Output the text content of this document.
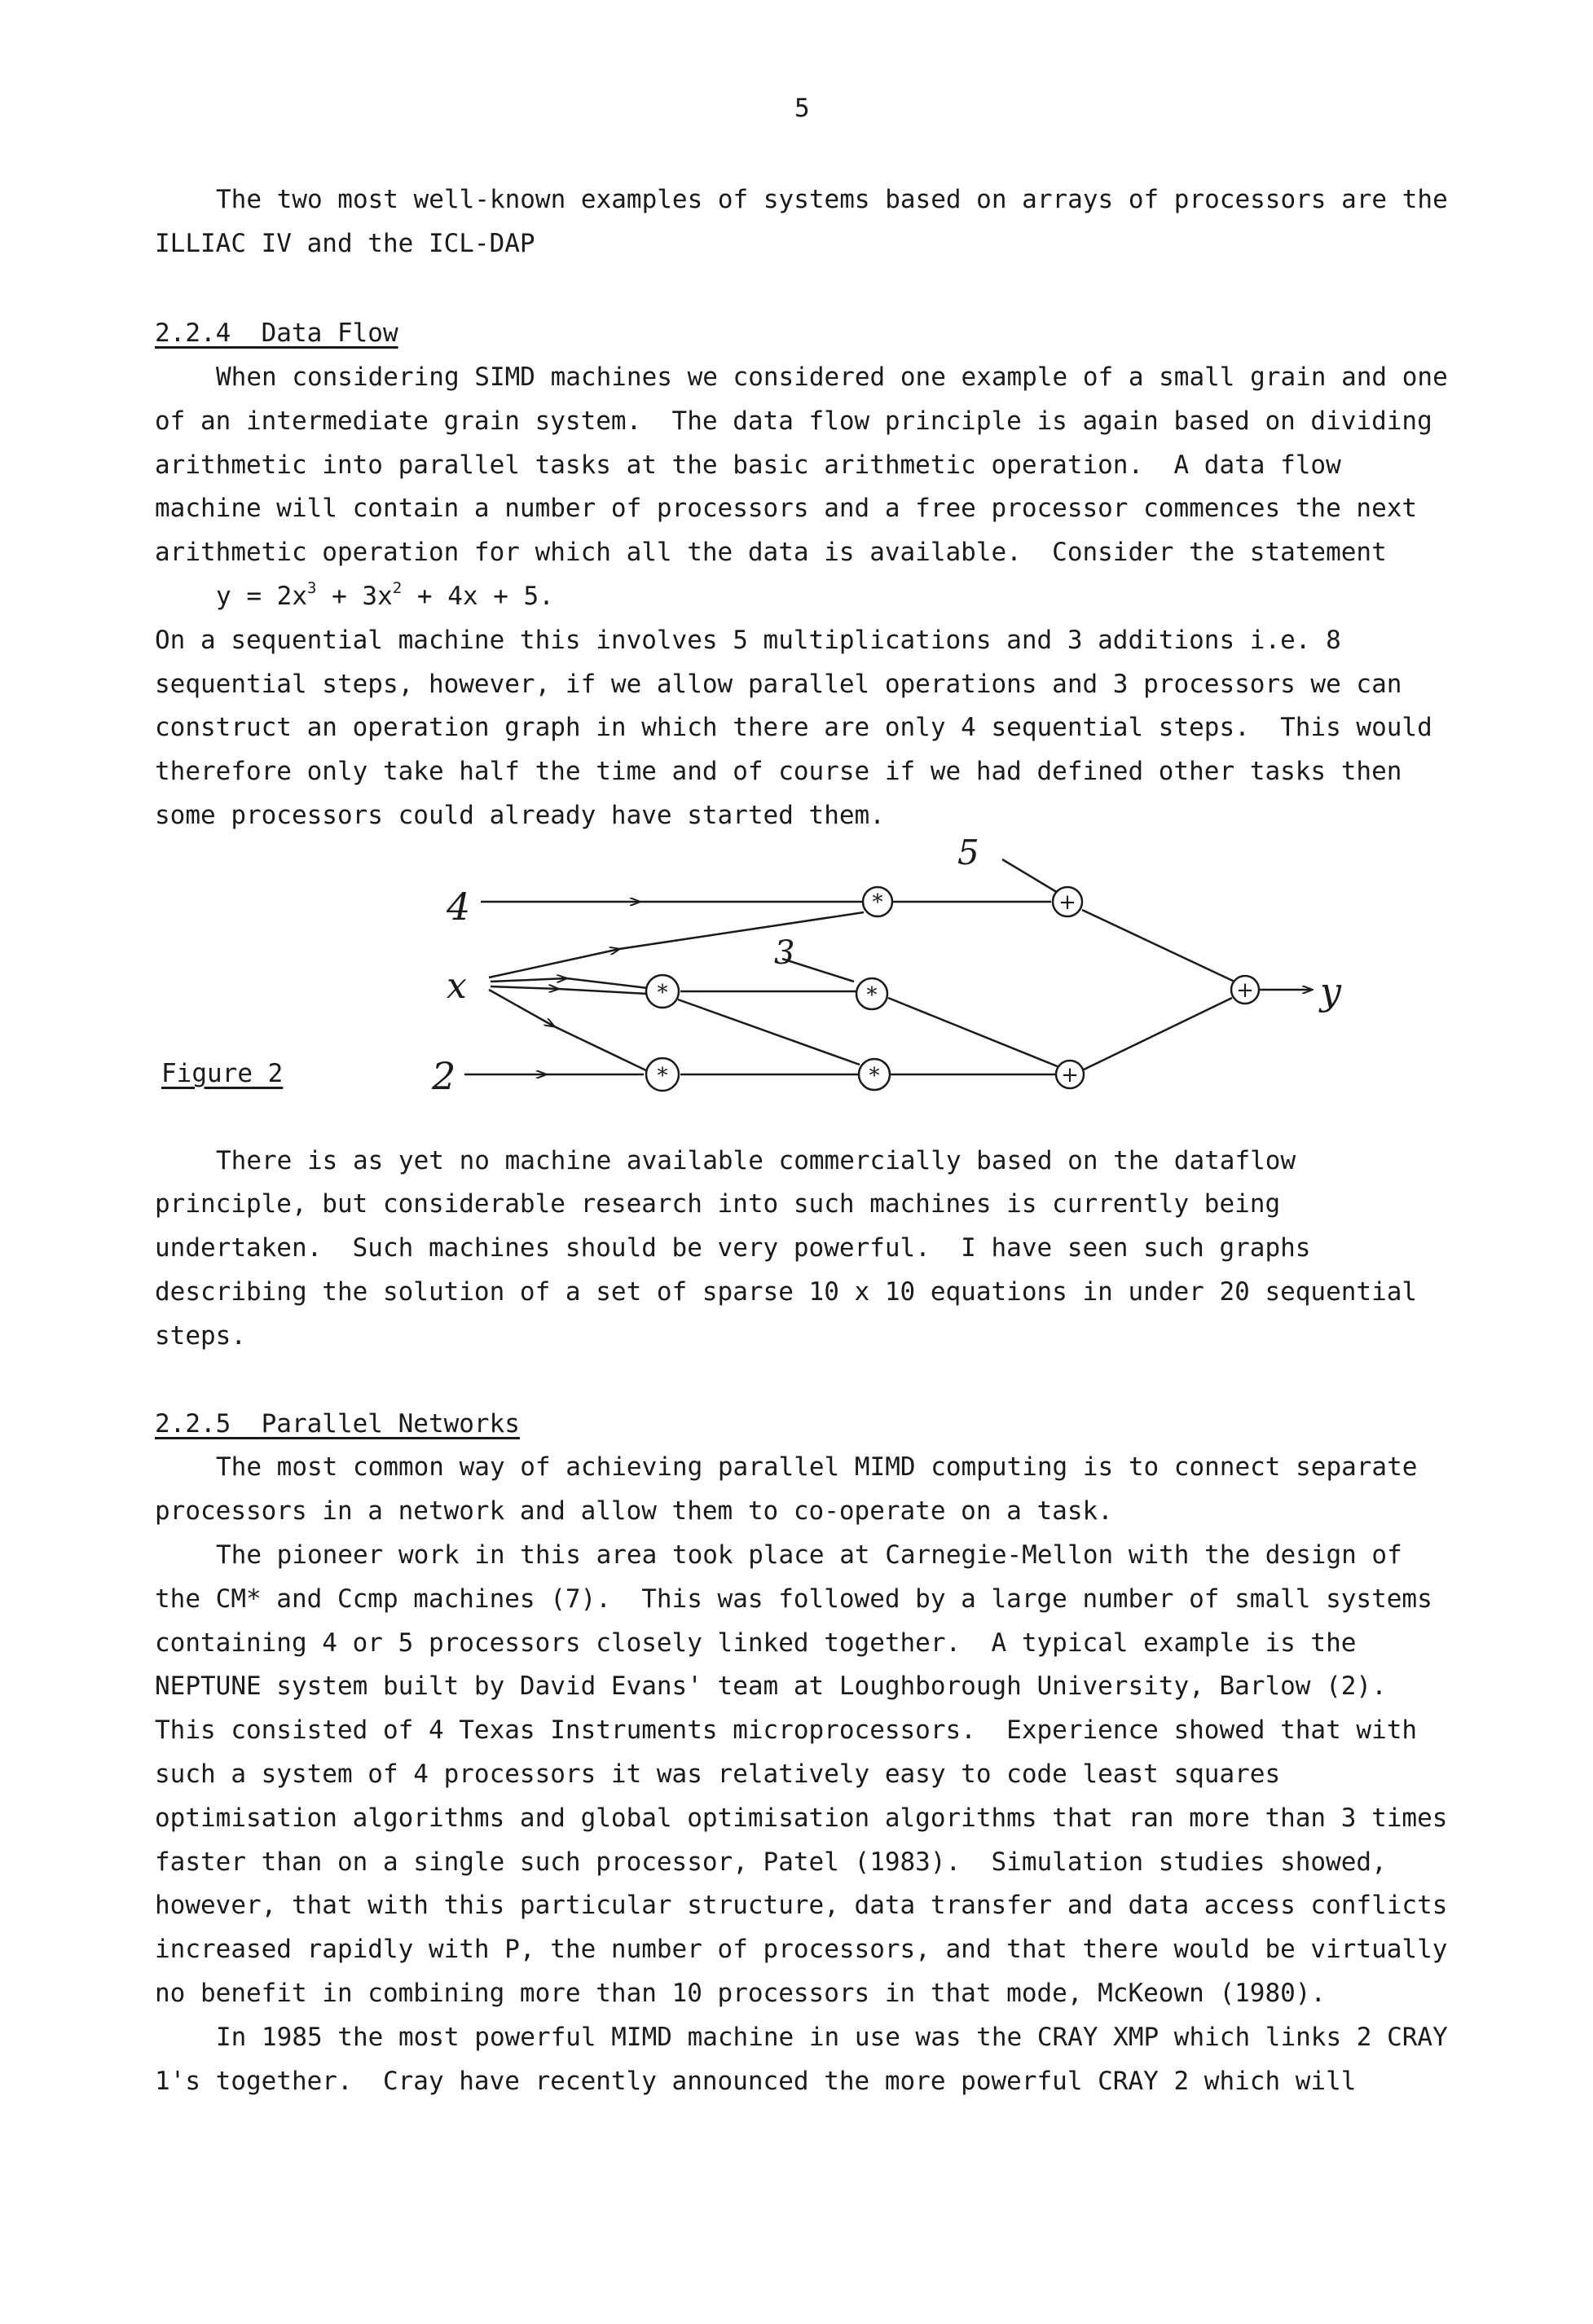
5
The two most well-known examples of systems based on arrays of processors are the
ILLIAC IV and the ICL-DAP
2.2.4  Data Flow
When considering SIMD machines we considered one example of a small grain and one
of an intermediate grain system.  The data flow principle is again based on dividing
arithmetic into parallel tasks at the basic arithmetic operation.  A data flow
machine will contain a number of processors and a free processor commences the next
arithmetic operation for which all the data is available.  Consider the statement
$y = 2x^3 + 3x^2 + 4x + 5$.
On a sequential machine this involves 5 multiplications and 3 additions i.e. 8
sequential steps, however, if we allow parallel operations and 3 processors we can
construct an operation graph in which there are only 4 sequential steps.  This would
therefore only take half the time and of course if we had defined other tasks then
some processors could already have started them.
Figure 2
*
*	*
*	*
+
+
+
4
x
2
3
5
y
There is as yet no machine available commercially based on the dataflow
principle, but considerable research into such machines is currently being
undertaken.  Such machines should be very powerful.  I have seen such graphs
describing the solution of a set of sparse 10 x 10 equations in under 20 sequential
steps.
2.2.5  Parallel Networks
The most common way of achieving parallel MIMD computing is to connect separate
processors in a network and allow them to co-operate on a task.
The pioneer work in this area took place at Carnegie-Mellon with the design of
the CM* and Ccmp machines (7).  This was followed by a large number of small systems
containing 4 or 5 processors closely linked together.  A typical example is the
NEPTUNE system built by David Evans' team at Loughborough University, Barlow (2).
This consisted of 4 Texas Instruments microprocessors.  Experience showed that with
such a system of 4 processors it was relatively easy to code least squares
optimisation algorithms and global optimisation algorithms that ran more than 3 times
faster than on a single such processor, Patel (1983).  Simulation studies showed,
however, that with this particular structure, data transfer and data access conflicts
increased rapidly with P, the number of processors, and that there would be virtually
no benefit in combining more than 10 processors in that mode, McKeown (1980).
In 1985 the most powerful MIMD machine in use was the CRAY XMP which links 2 CRAY
1's together.  Cray have recently announced the more powerful CRAY 2 which will
